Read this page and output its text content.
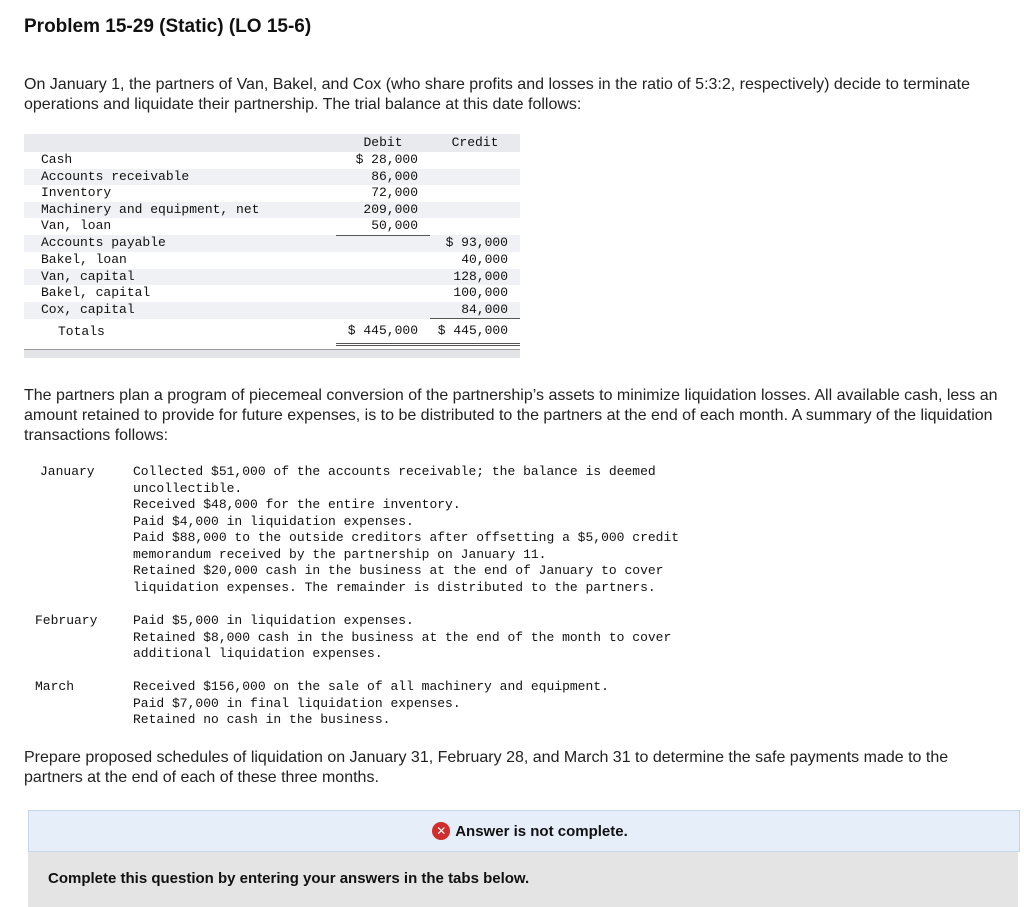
Problem 15-29 (Static) (LO 15-6)

On January 1, the partners of Van, Bakel, and Cox (who share profits and losses in the ratio of 5:3:2, respectively) decide to terminate operations and liquidate their partnership. The trial balance at this date follows:

	Debit	Credit
Cash	$ 28,000	
Accounts receivable	86,000	
Inventory	72,000	
Machinery and equipment, net	209,000	
Van, loan	50,000	
Accounts payable		$ 93,000
Bakel, loan		40,000
Van, capital		128,000
Bakel, capital		100,000
Cox, capital		84,000
Totals	$ 445,000	$ 445,000

The partners plan a program of piecemeal conversion of the partnership’s assets to minimize liquidation losses. All available cash, less an amount retained to provide for future expenses, is to be distributed to the partners at the end of each month. A summary of the liquidation transactions follows:

January	Collected $51,000 of the accounts receivable; the balance is deemed
uncollectible.
Received $48,000 for the entire inventory.
Paid $4,000 in liquidation expenses.
Paid $88,000 to the outside creditors after offsetting a $5,000 credit
memorandum received by the partnership on January 11.
Retained $20,000 cash in the business at the end of January to cover
liquidation expenses. The remainder is distributed to the partners.
February	Paid $5,000 in liquidation expenses.
Retained $8,000 cash in the business at the end of the month to cover
additional liquidation expenses.
March	Received $156,000 on the sale of all machinery and equipment.
Paid $7,000 in final liquidation expenses.
Retained no cash in the business.

Prepare proposed schedules of liquidation on January 31, February 28, and March 31 to determine the safe payments made to the partners at the end of each of these three months.

✕ Answer is not complete.
Complete this question by entering your answers in the tabs below.
